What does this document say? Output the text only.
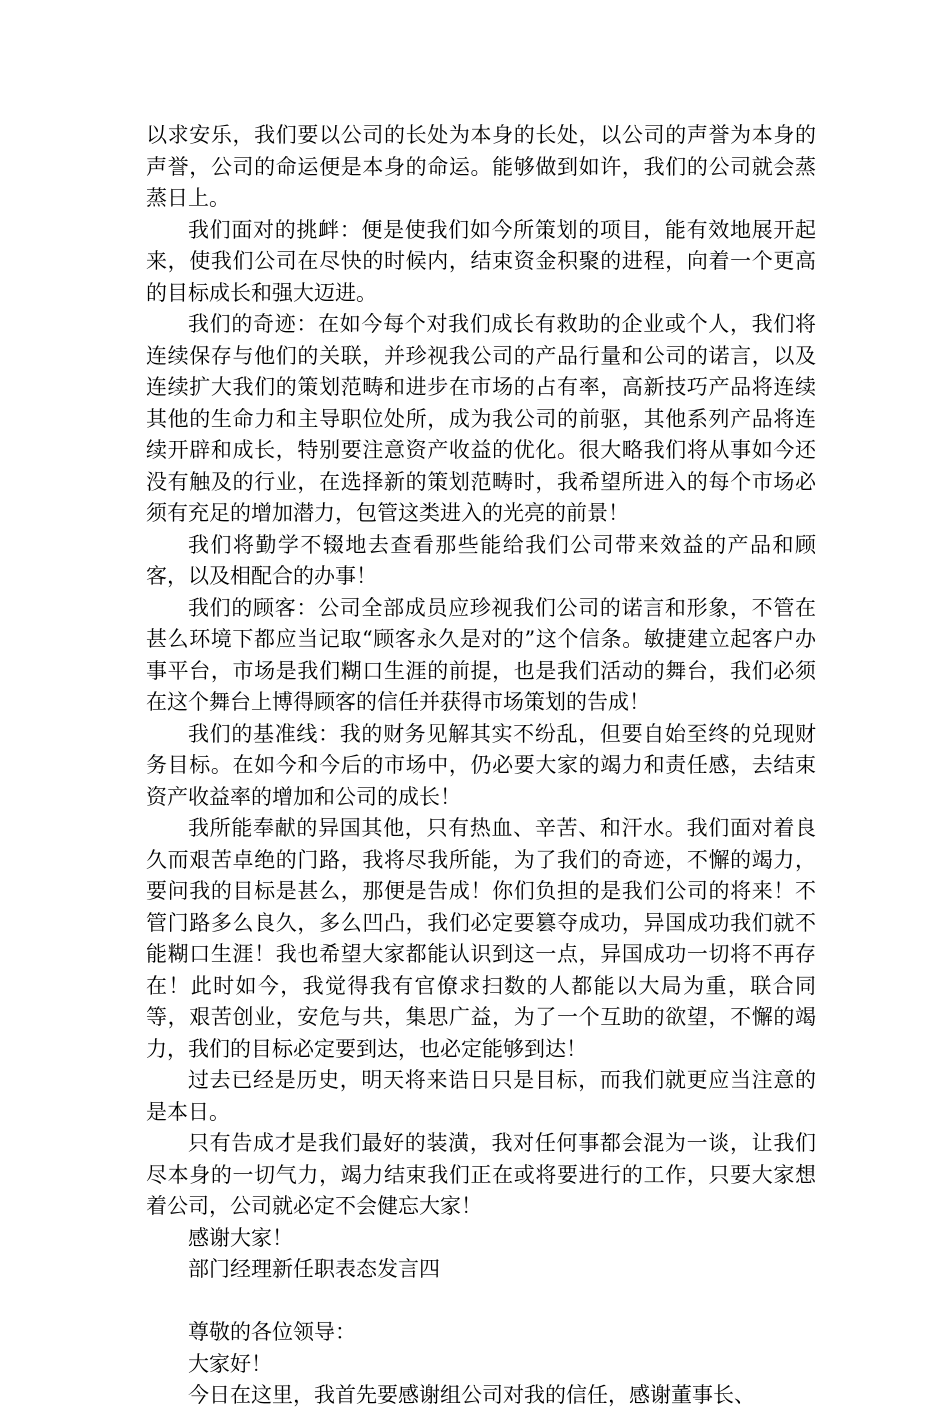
以求安乐，我们要以公司的长处为本身的长处，以公司的声誉为本身的声誉，公司的命运便是本身的命运。能够做到如许，我们的公司就会蒸蒸日上。

我们面对的挑衅：便是使我们如今所策划的项目，能有效地展开起来，使我们公司在尽快的时候内，结束资金积聚的进程，向着一个更高的目标成长和强大迈进。

我们的奇迹：在如今每个对我们成长有救助的企业或个人，我们将连续保存与他们的关联，并珍视我公司的产品行量和公司的诺言，以及连续扩大我们的策划范畴和进步在市场的占有率，高新技巧产品将连续其他的生命力和主导职位处所，成为我公司的前驱，其他系列产品将连续开辟和成长，特别要注意资产收益的优化。很大略我们将从事如今还没有触及的行业，在选择新的策划范畴时，我希望所进入的每个市场必须有充足的增加潜力，包管这类进入的光亮的前景！

我们将勤学不辍地去查看那些能给我们公司带来效益的产品和顾客，以及相配合的办事！

我们的顾客：公司全部成员应珍视我们公司的诺言和形象，不管在甚么环境下都应当记取“顾客永久是对的”这个信条。敏捷建立起客户办事平台，市场是我们糊口生涯的前提，也是我们活动的舞台，我们必须在这个舞台上博得顾客的信任并获得市场策划的告成！

我们的基准线：我的财务见解其实不纷乱，但要自始至终的兑现财务目标。在如今和今后的市场中，仍必要大家的竭力和责任感，去结束资产收益率的增加和公司的成长！

我所能奉献的异国其他，只有热血、辛苦、和汗水。我们面对着良久而艰苦卓绝的门路，我将尽我所能，为了我们的奇迹，不懈的竭力，要问我的目标是甚么，那便是告成！你们负担的是我们公司的将来！不管门路多么良久，多么凹凸，我们必定要篡夺成功，异国成功我们就不能糊口生涯！我也希望大家都能认识到这一点，异国成功一切将不再存在！此时如今，我觉得我有官僚求扫数的人都能以大局为重，联合同等，艰苦创业，安危与共，集思广益，为了一个互助的欲望，不懈的竭力，我们的目标必定要到达，也必定能够到达！

过去已经是历史，明天将来诰日只是目标，而我们就更应当注意的是本日。

只有告成才是我们最好的装潢，我对任何事都会混为一谈，让我们尽本身的一切气力，竭力结束我们正在或将要进行的工作，只要大家想着公司，公司就必定不会健忘大家！

感谢大家！

部门经理新任职表态发言四

尊敬的各位领导：

大家好！

今日在这里，我首先要感谢组公司对我的信任，感谢董事长、
